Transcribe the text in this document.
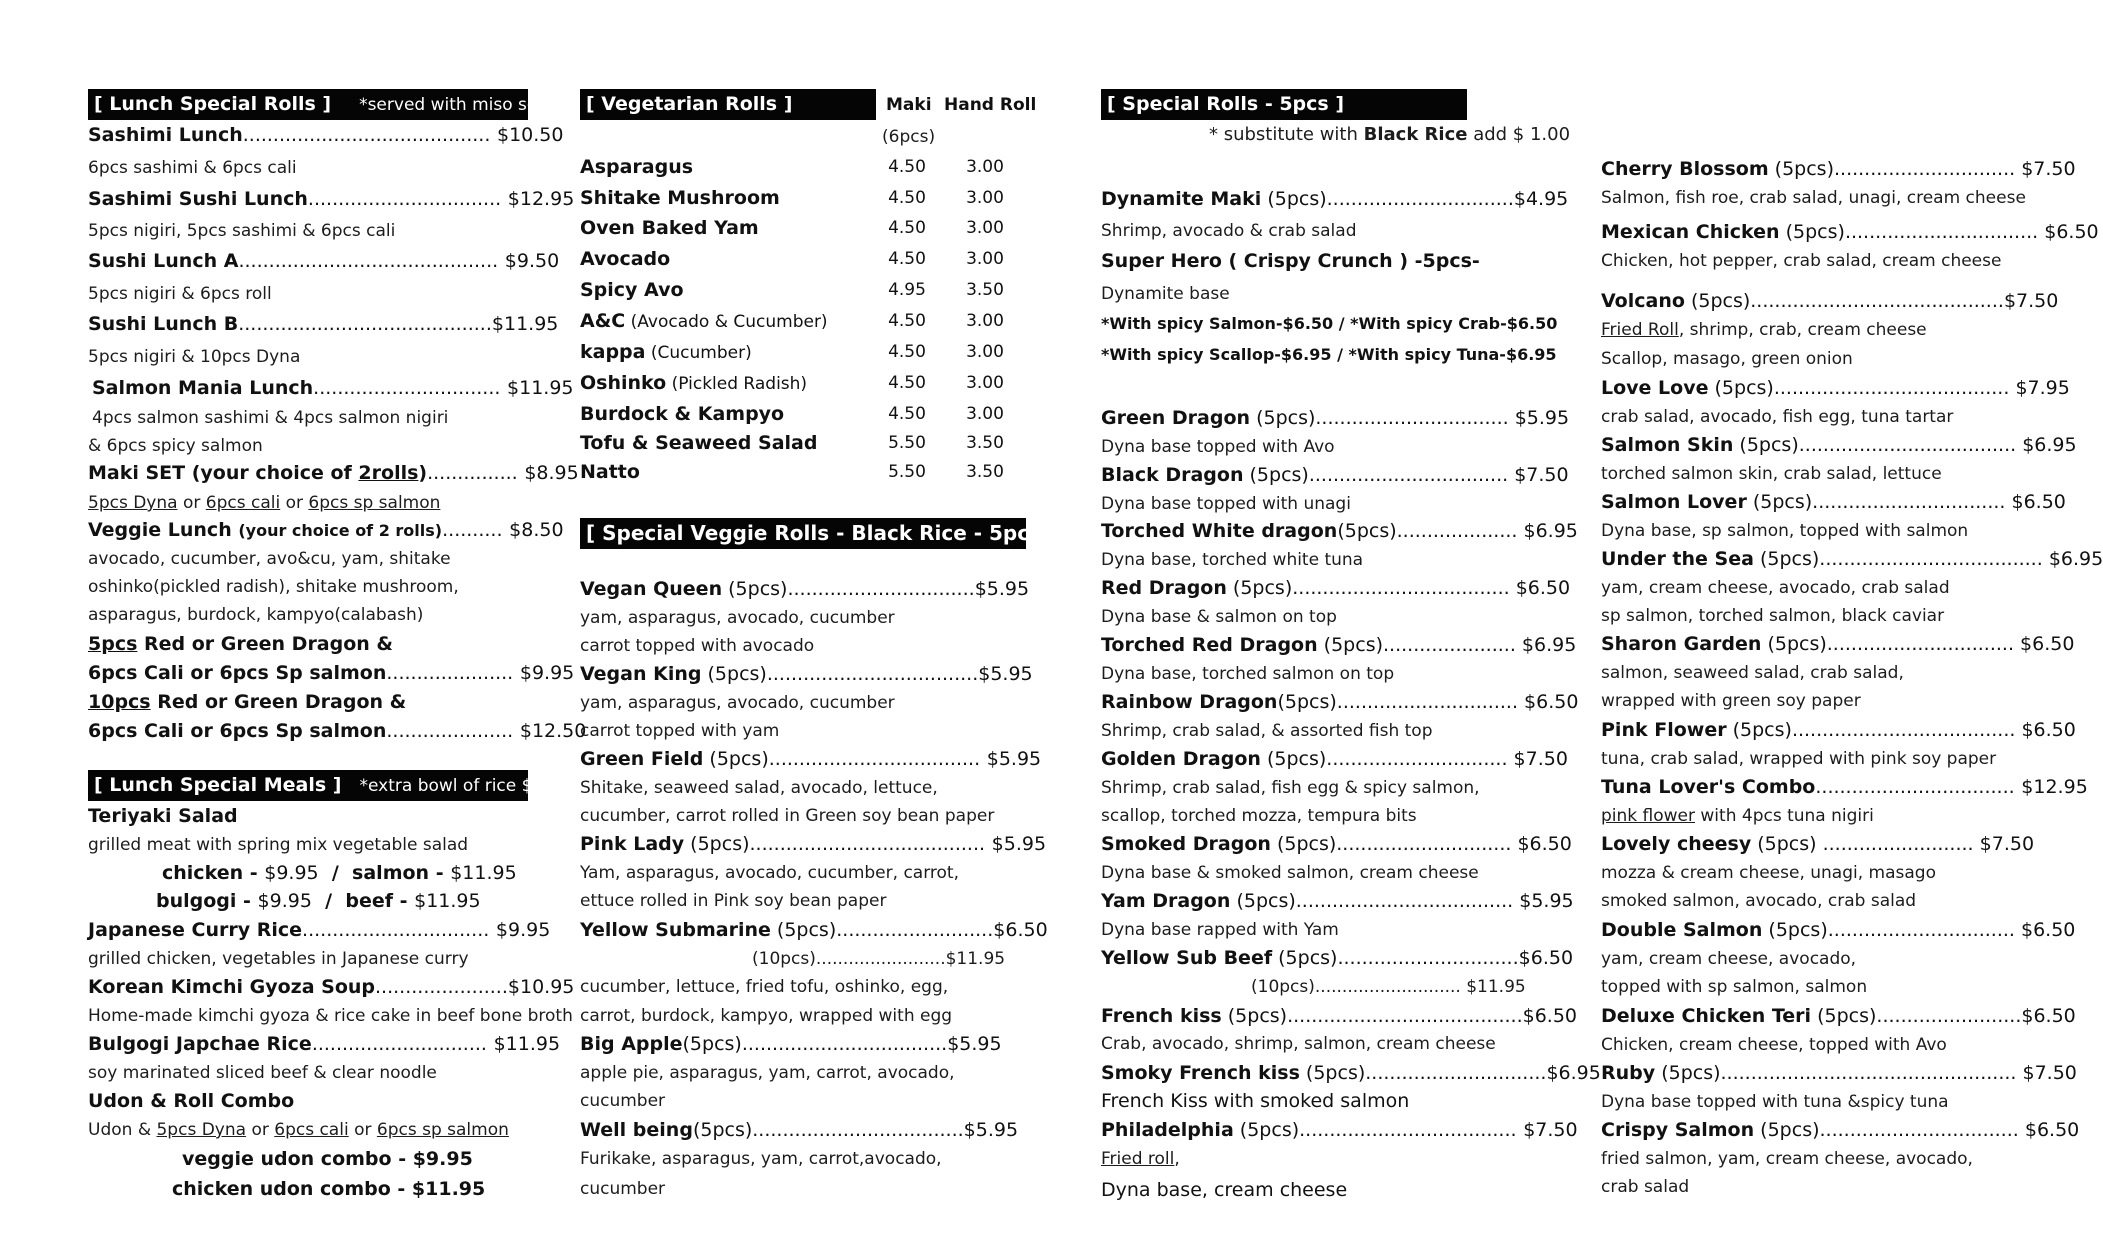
[ Lunch Special Rolls ] *served with miso soup
Sashimi Lunch......................................... $10.50
6pcs sashimi & 6pcs cali
Sashimi Sushi Lunch................................ $12.95
5pcs nigiri, 5pcs sashimi & 6pcs cali
Sushi Lunch A........................................... $9.50
5pcs nigiri & 6pcs roll
Sushi Lunch B..........................................$11.95
5pcs nigiri & 10pcs Dyna
Salmon Mania Lunch............................... $11.95
4pcs salmon sashimi & 4pcs salmon nigiri
& 6pcs spicy salmon
Maki SET (your choice of 2rolls)............... $8.95
5pcs Dyna or 6pcs cali or 6pcs sp salmon
Veggie Lunch (your choice of 2 rolls).......... $8.50
avocado, cucumber, avo&cu, yam, shitake
oshinko(pickled radish), shitake mushroom,
asparagus, burdock, kampyo(calabash)
5pcs Red or Green Dragon &
6pcs Cali or 6pcs Sp salmon..................... $9.95
10pcs Red or Green Dragon &
6pcs Cali or 6pcs Sp salmon..................... $12.50
[ Lunch Special Meals ] *extra bowl of rice $1.00
Teriyaki Salad
grilled meat with spring mix vegetable salad
chicken - $9.95  /  salmon - $11.95
bulgogi - $9.95  /  beef - $11.95
Japanese Curry Rice............................... $9.95
grilled chicken, vegetables in Japanese curry
Korean Kimchi Gyoza Soup......................$10.95
Home-made kimchi gyoza & rice cake in beef bone broth
Bulgogi Japchae Rice............................. $11.95
soy marinated sliced beef & clear noodle
Udon & Roll Combo
Udon & 5pcs Dyna or 6pcs cali or 6pcs sp salmon
veggie udon combo - $9.95
chicken udon combo - $11.95
[ Vegetarian Rolls ]	Maki Hand Roll
(6pcs)
Asparagus	4.50	3.00
Shitake Mushroom	4.50	3.00
Oven Baked Yam	4.50	3.00
Avocado	4.50	3.00
Spicy Avo	4.95	3.50
A&C (Avocado & Cucumber)	4.50	3.00
kappa (Cucumber)	4.50	3.00
Oshinko (Pickled Radish)	4.50	3.00
Burdock & Kampyo	4.50	3.00
Tofu & Seaweed Salad	5.50	3.50
Natto	5.50	3.50
[ Special Veggie Rolls - Black Rice - 5pcs ]
Vegan Queen (5pcs)...............................$5.95
yam, asparagus, avocado, cucumber
carrot topped with avocado
Vegan King (5pcs)...................................$5.95
yam, asparagus, avocado, cucumber
carrot topped with yam
Green Field (5pcs)................................... $5.95
Shitake, seaweed salad, avocado, lettuce,
cucumber, carrot rolled in Green soy bean paper
Pink Lady (5pcs)....................................... $5.95
Yam, asparagus, avocado, cucumber, carrot,
ettuce rolled in Pink soy bean paper
Yellow Submarine (5pcs)..........................$6.50
(10pcs)........................$11.95
cucumber, lettuce, fried tofu, oshinko, egg,
carrot, burdock, kampyo, wrapped with egg
Big Apple(5pcs)..................................$5.95
apple pie, asparagus, yam, carrot, avocado,
cucumber
Well being(5pcs)...................................$5.95
Furikake, asparagus, yam, carrot,avocado,
cucumber
[ Special Rolls - 5pcs ]
* substitute with Black Rice add $ 1.00
Dynamite Maki (5pcs)...............................$4.95
Shrimp, avocado & crab salad
Super Hero ( Crispy Crunch ) -5pcs-
Dynamite base
*With spicy Salmon-$6.50 / *With spicy Crab-$6.50
*With spicy Scallop-$6.95 / *With spicy Tuna-$6.95
Green Dragon (5pcs)................................ $5.95
Dyna base topped with Avo
Black Dragon (5pcs)................................. $7.50
Dyna base topped with unagi
Torched White dragon(5pcs).................... $6.95
Dyna base, torched white tuna
Red Dragon (5pcs).................................... $6.50
Dyna base & salmon on top
Torched Red Dragon (5pcs)...................... $6.95
Dyna base, torched salmon on top
Rainbow Dragon(5pcs).............................. $6.50
Shrimp, crab salad, & assorted fish top
Golden Dragon (5pcs).............................. $7.50
Shrimp, crab salad, fish egg & spicy salmon,
scallop, torched mozza, tempura bits
Smoked Dragon (5pcs)............................. $6.50
Dyna base & smoked salmon, cream cheese
Yam Dragon (5pcs).................................... $5.95
Dyna base rapped with Yam
Yellow Sub Beef (5pcs)..............................$6.50
(10pcs)........................... $11.95
French kiss (5pcs).......................................$6.50
Crab, avocado, shrimp, salmon, cream cheese
Smoky French kiss (5pcs)..............................$6.95
French Kiss with smoked salmon
Philadelphia (5pcs).................................... $7.50
Fried roll,
Dyna base, cream cheese
Cherry Blossom (5pcs).............................. $7.50
Salmon, fish roe, crab salad, unagi, cream cheese
Mexican Chicken (5pcs)................................ $6.50
Chicken, hot pepper, crab salad, cream cheese
Love Love (5pcs)....................................... $7.95
crab salad, avocado, fish egg, tuna tartar
Salmon Skin (5pcs).................................... $6.95
torched salmon skin, crab salad, lettuce
Salmon Lover (5pcs)................................ $6.50
Dyna base, sp salmon, topped with salmon
Under the Sea (5pcs)..................................... $6.95
yam, cream cheese, avocado, crab salad
sp salmon, torched salmon, black caviar
Sharon Garden (5pcs)............................... $6.50
salmon, seaweed salad, crab salad,
wrapped with green soy paper
Pink Flower (5pcs)..................................... $6.50
tuna, crab salad, wrapped with pink soy paper
Lovely cheesy (5pcs) ......................... $7.50
mozza & cream cheese, unagi, masago
smoked salmon, avocado, crab salad
Double Salmon (5pcs)............................... $6.50
yam, cream cheese, avocado,
topped with sp salmon, salmon
Deluxe Chicken Teri (5pcs)........................$6.50
Chicken, cream cheese, topped with Avo
Ruby (5pcs)................................................. $7.50
Dyna base topped with tuna &spicy tuna
Crispy Salmon (5pcs)................................. $6.50
fried salmon, yam, cream cheese, avocado,
crab salad
Volcano (5pcs)..........................................$7.50
Fried Roll, shrimp, crab, cream cheese
Scallop, masago, green onion
Tuna Lover's Combo................................. $12.95
pink flower with 4pcs tuna nigiri
